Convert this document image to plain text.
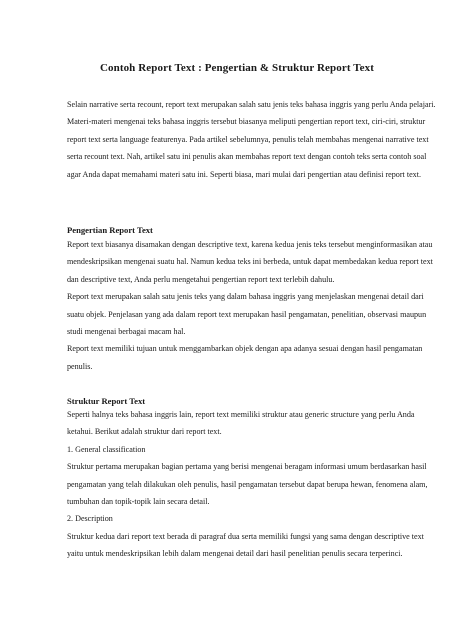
Contoh Report Text : Pengertian & Struktur Report Text

Selain narrative serta recount, report text merupakan salah satu jenis teks bahasa inggris yang perlu Anda pelajari. Materi-materi mengenai teks bahasa inggris tersebut biasanya meliputi pengertian report text, ciri-ciri, struktur report text serta language featurenya. Pada artikel sebelumnya, penulis telah membahas mengenai narrative text serta recount text. Nah, artikel satu ini penulis akan membahas report text dengan contoh teks serta contoh soal agar Anda dapat memahami materi satu ini. Seperti biasa, mari mulai dari pengertian atau definisi report text.

Pengertian Report Text

Report text biasanya disamakan dengan descriptive text, karena kedua jenis teks tersebut menginformasikan atau mendeskripsikan mengenai suatu hal. Namun kedua teks ini berbeda, untuk dapat membedakan kedua report text dan descriptive text, Anda perlu mengetahui pengertian report text terlebih dahulu.

Report text merupakan salah satu jenis teks yang dalam bahasa inggris yang menjelaskan mengenai detail dari suatu objek. Penjelasan yang ada dalam report text merupakan hasil pengamatan, penelitian, observasi maupun studi mengenai berbagai macam hal.

Report text memiliki tujuan untuk menggambarkan objek dengan apa adanya sesuai dengan hasil pengamatan penulis.

Struktur Report Text

Seperti halnya teks bahasa inggris lain, report text memiliki struktur atau generic structure yang perlu Anda ketahui. Berikut adalah struktur dari report text.

1. General classification

Struktur pertama merupakan bagian pertama yang berisi mengenai beragam informasi umum berdasarkan hasil pengamatan yang telah dilakukan oleh penulis, hasil pengamatan tersebut dapat berupa hewan, fenomena alam, tumbuhan dan topik-topik lain secara detail.

2. Description

Struktur kedua dari report text berada di paragraf dua serta memiliki fungsi yang sama dengan descriptive text yaitu untuk mendeskripsikan lebih dalam mengenai detail dari hasil penelitian penulis secara terperinci.
